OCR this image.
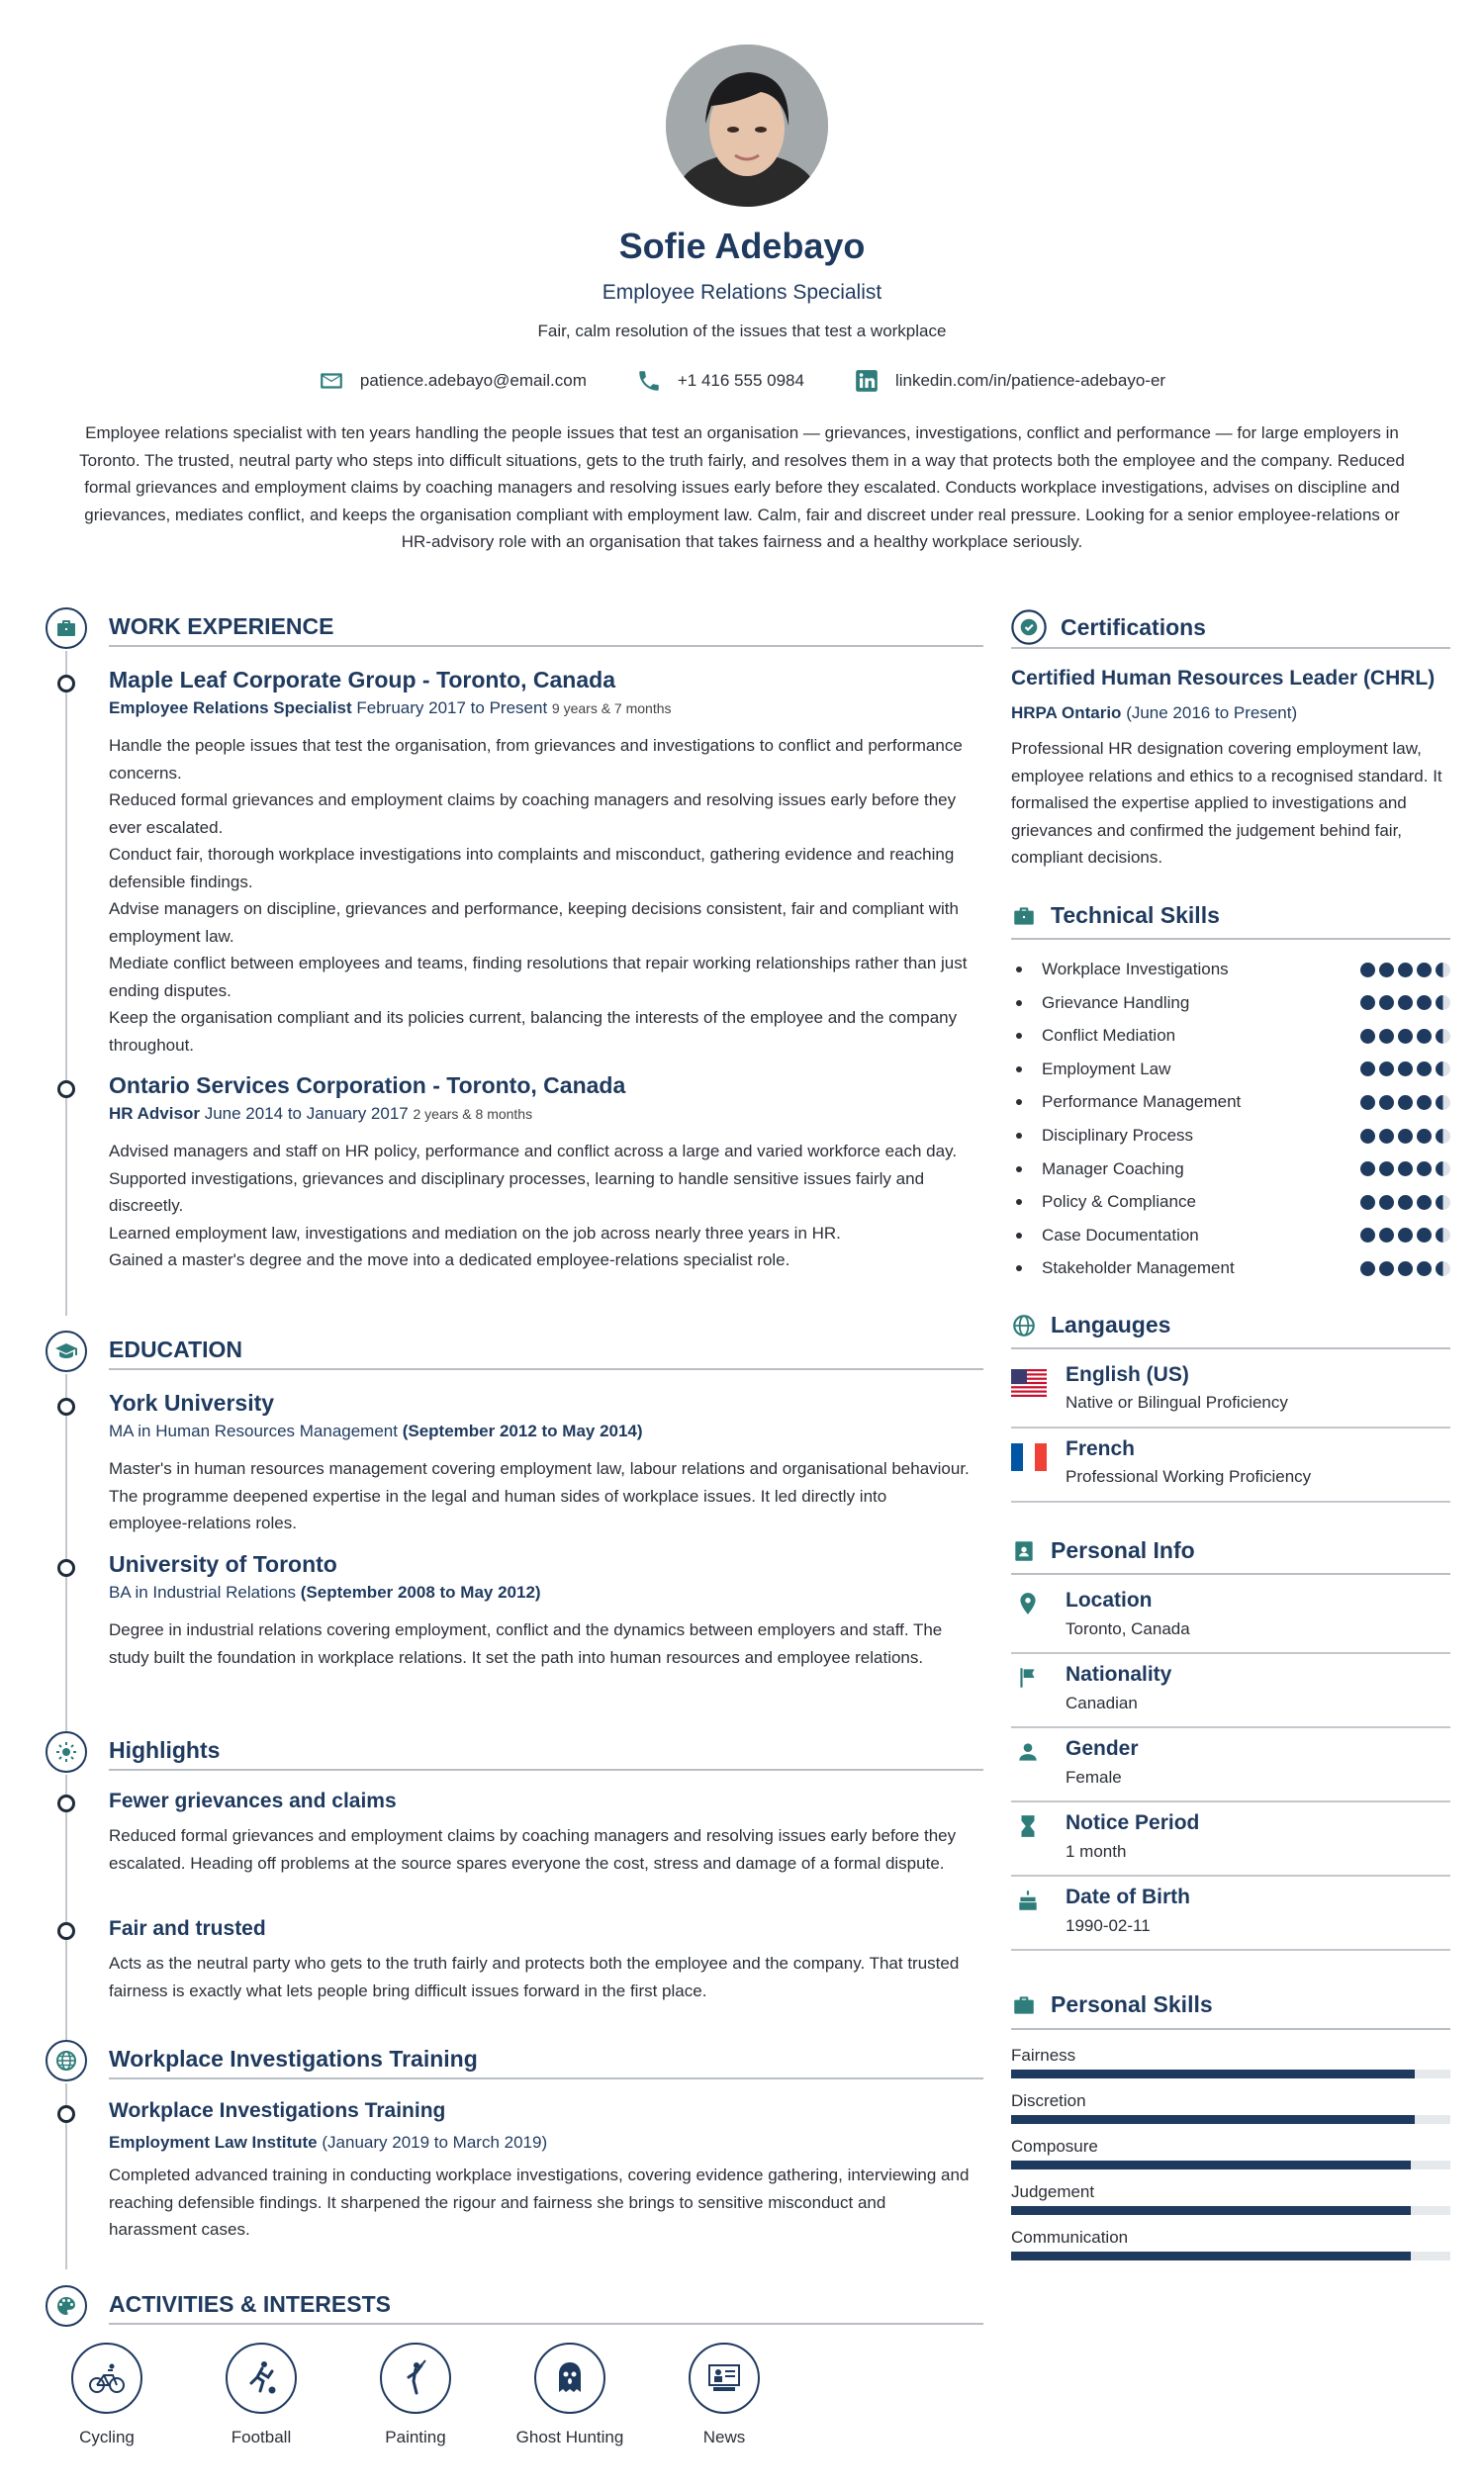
Sofie Adebayo
Employee Relations Specialist
Fair, calm resolution of the issues that test a workplace
patience.adebayo@email.com	+1 416 555 0984	linkedin.com/in/patience-adebayo-er
Employee relations specialist with ten years handling the people issues that test an organisation — grievances, investigations, conflict and performance — for large employers in Toronto. The trusted, neutral party who steps into difficult situations, gets to the truth fairly, and resolves them in a way that protects both the employee and the company. Reduced formal grievances and employment claims by coaching managers and resolving issues early before they escalated. Conducts workplace investigations, advises on discipline and grievances, mediates conflict, and keeps the organisation compliant with employment law. Calm, fair and discreet under real pressure. Looking for a senior employee-relations or HR-advisory role with an organisation that takes fairness and a healthy workplace seriously.
WORK EXPERIENCE
Maple Leaf Corporate Group - Toronto, Canada
Employee Relations Specialist February 2017 to Present 9 years & 7 months

Handle the people issues that test the organisation, from grievances and investigations to conflict and performance concerns.

Reduced formal grievances and employment claims by coaching managers and resolving issues early before they ever escalated.

Conduct fair, thorough workplace investigations into complaints and misconduct, gathering evidence and reaching defensible findings.

Advise managers on discipline, grievances and performance, keeping decisions consistent, fair and compliant with employment law.

Mediate conflict between employees and teams, finding resolutions that repair working relationships rather than just ending disputes.

Keep the organisation compliant and its policies current, balancing the interests of the employee and the company throughout.

Ontario Services Corporation - Toronto, Canada
HR Advisor June 2014 to January 2017 2 years & 8 months

Advised managers and staff on HR policy, performance and conflict across a large and varied workforce each day.

Supported investigations, grievances and disciplinary processes, learning to handle sensitive issues fairly and discreetly.

Learned employment law, investigations and mediation on the job across nearly three years in HR.

Gained a master's degree and the move into a dedicated employee-relations specialist role.

EDUCATION
York University
MA in Human Resources Management (September 2012 to May 2014)
Master's in human resources management covering employment law, labour relations and organisational behaviour. The programme deepened expertise in the legal and human sides of workplace issues. It led directly into employee-relations roles.
University of Toronto
BA in Industrial Relations (September 2008 to May 2012)
Degree in industrial relations covering employment, conflict and the dynamics between employers and staff. The study built the foundation in workplace relations. It set the path into human resources and employee relations.
Highlights
Fewer grievances and claims
Reduced formal grievances and employment claims by coaching managers and resolving issues early before they escalated. Heading off problems at the source spares everyone the cost, stress and damage of a formal dispute.
Fair and trusted
Acts as the neutral party who gets to the truth fairly and protects both the employee and the company. That trusted fairness is exactly what lets people bring difficult issues forward in the first place.
Workplace Investigations Training
Workplace Investigations Training
Employment Law Institute (January 2019 to March 2019)
Completed advanced training in conducting workplace investigations, covering evidence gathering, interviewing and reaching defensible findings. It sharpened the rigour and fairness she brings to sensitive misconduct and harassment cases.
ACTIVITIES & INTERESTS
Cycling	Football	Painting	Ghost Hunting	News
Certifications
Certified Human Resources Leader (CHRL)
HRPA Ontario (June 2016 to Present)
Professional HR designation covering employment law, employee relations and ethics to a recognised standard. It formalised the expertise applied to investigations and grievances and confirmed the judgement behind fair, compliant decisions.
Technical Skills
Workplace Investigations
Grievance Handling
Conflict Mediation
Employment Law
Performance Management
Disciplinary Process
Manager Coaching
Policy & Compliance
Case Documentation
Stakeholder Management
Langauges
English (US)
Native or Bilingual Proficiency
French
Professional Working Proficiency
Personal Info
Location
Toronto, Canada
Nationality
Canadian
Gender
Female
Notice Period
1 month
Date of Birth
1990-02-11
Personal Skills
Fairness
Discretion
Composure
Judgement
Communication
